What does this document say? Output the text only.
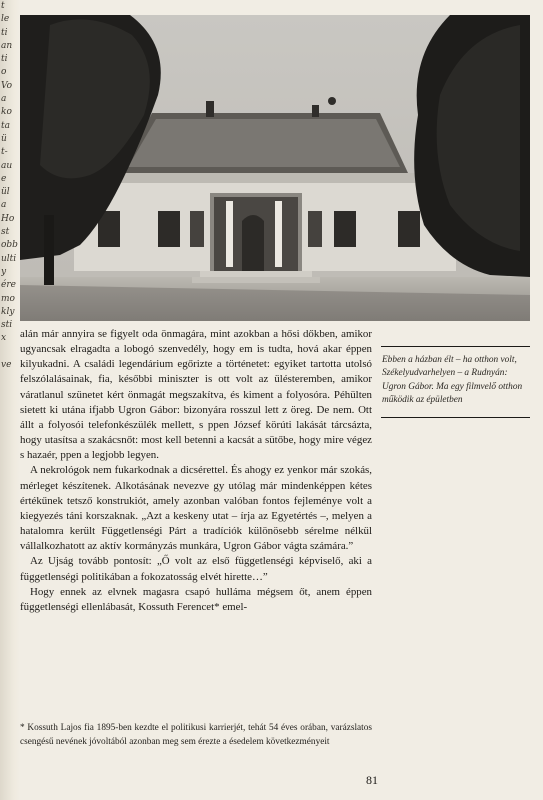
t
le
ti
an
ti
o
Vo
a
ko
ta
ü
t-
au
e
ül
a
Ho
st
obb
ulti
y
ére
mo
kly
sti
x
ve

alán már annyira se figyelt oda önmagára, mint azokban a hősi dőkben, amikor ugyancsak elragadta a lobogó szenvedély, hogy em is tudta, hová akar éppen kilyukadni. A családi legendárium egőrizte a történetet: egyiket tartotta utolsó felszólalásainak, fia, későbbi miniszter is ott volt az ülésteremben, amikor váratlanul szünetet kért önmagát megszakítva, és kiment a folyosóra. Péhülten sietett ki utána ifjabb Ugron Gábor: bizonyára rosszul lett z öreg. De nem. Ott állt a folyosói telefonkészülék mellett, s ppen József körúti lakását tárcsázta, hogy utasítsa a szakácsnőt: most kell betenni a kacsát a sütőbe, hogy mire végez s hazaér, ppen a legjobb legyen.

A nekrológok nem fukarkodnak a dicsérettel. És ahogy ez yenkor már szokás, mérleget készítenek. Alkotásának nevezve gy utólag már mindenképpen kétes értékűnek tetsző konstrukiót, amely azonban valóban fontos fejleménye volt a kiegyezés táni korszaknak. „Azt a keskeny utat – írja az Egyetértés –, melyen a hatalomra került Függetlenségi Párt a tradíciók különösebb sérelme nélkül vállalkozhatott az aktív kormányzás munkára, Ugron Gábor vágta számára.”

Az Ujság tovább pontosít: „Ő volt az első függetlenségi képviselő, aki a függetlenségi politikában a fokozatosság elvét hirette…”

Hogy ennek az elvnek magasra csapó hulláma mégsem őt, anem éppen függetlenségi ellenlábasát, Kossuth Ferencet* emel-

Ebben a házban élt – ha otthon volt, Székelyudvarhelyen – a Rudnyán: Ugron Gábor. Ma egy filmvelő otthon működik az épületben
* Kossuth Lajos fia 1895-ben kezdte el politikusi karrierjét, tehát 54 éves orában, varázslatos csengésű nevének jóvoltából azonban meg sem érezte a ésedelem következményeit
81
